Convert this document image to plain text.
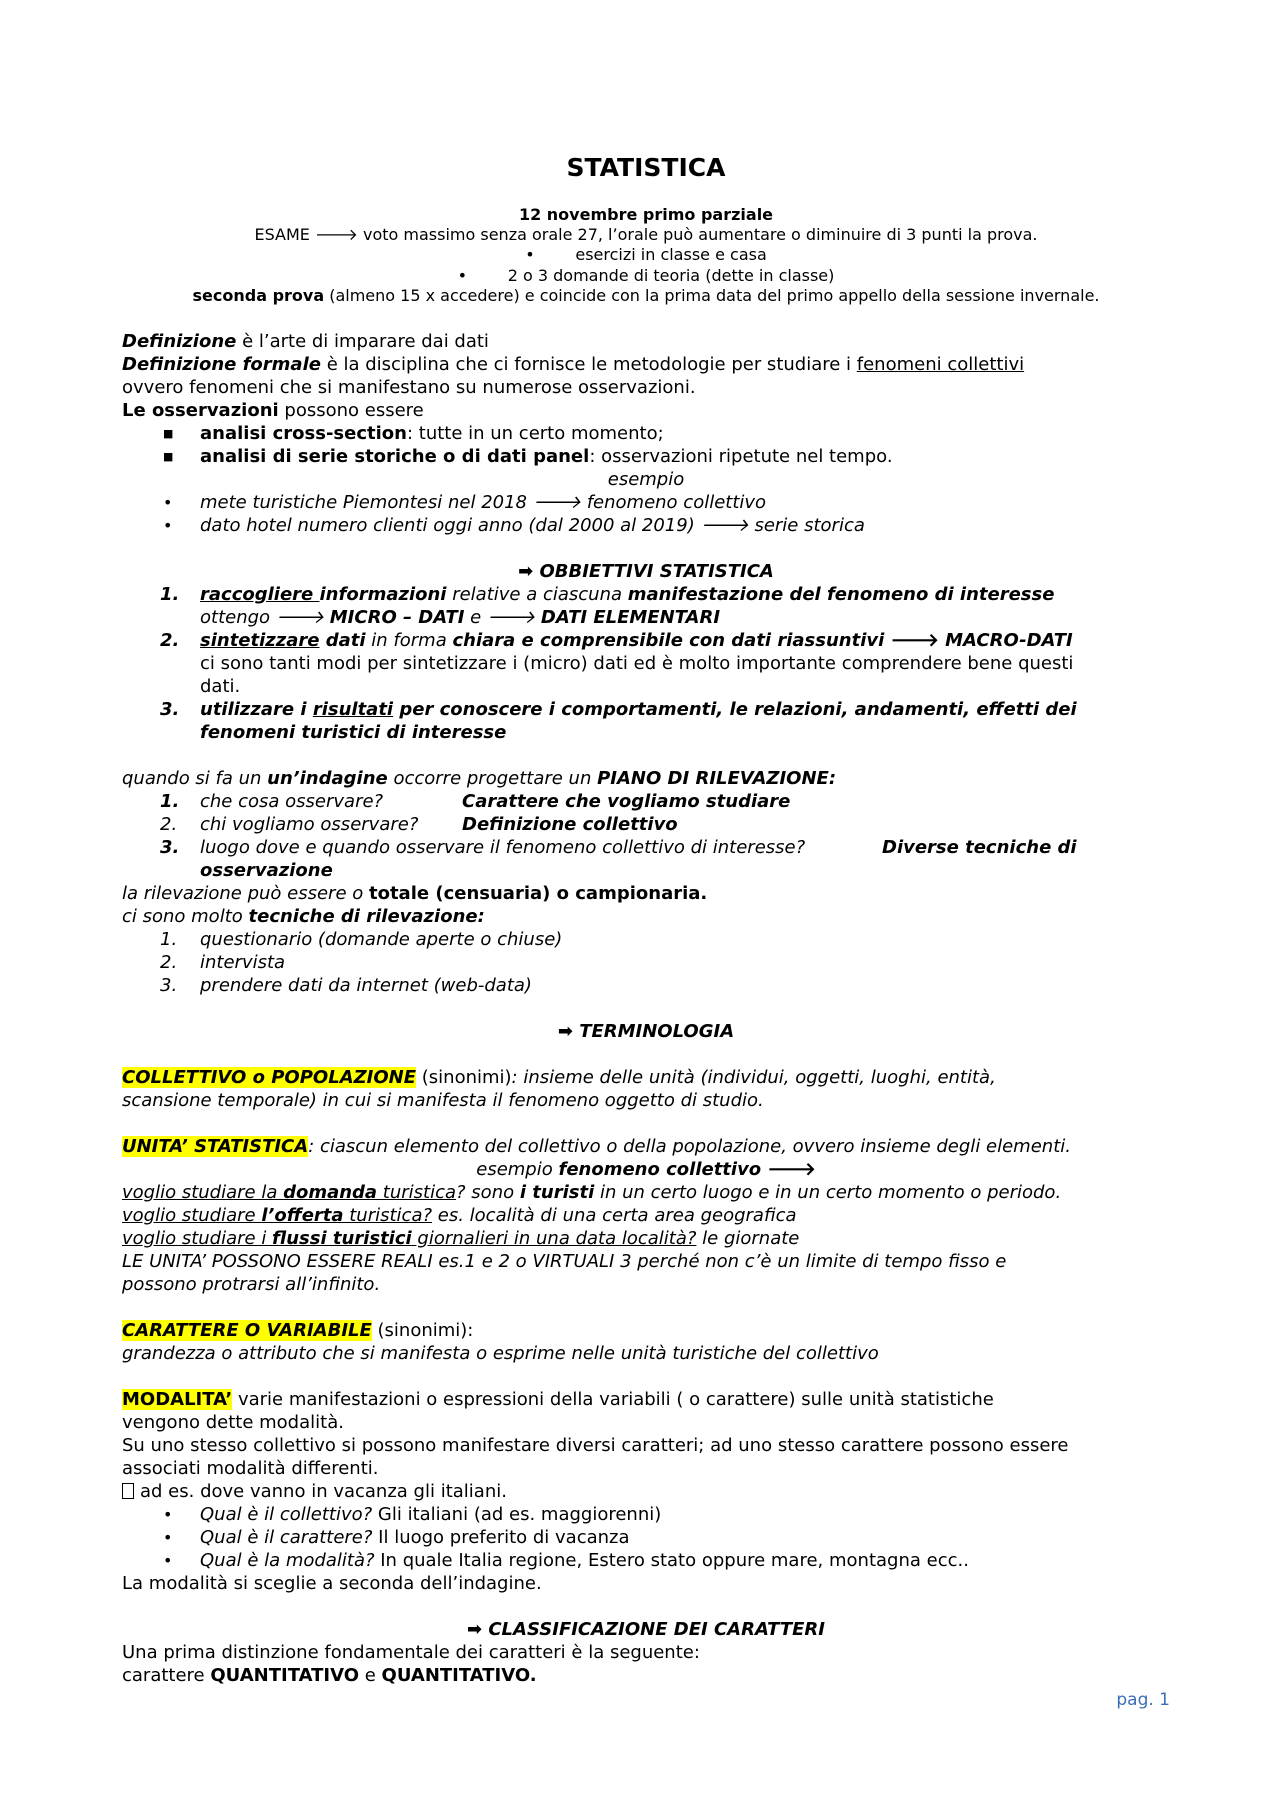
STATISTICA
12 novembre primo parziale
ESAME 🡒 voto massimo senza orale 27, l’orale può aumentare o diminuire di 3 punti la prova.
•        esercizi in classe e casa
•        2 o 3 domande di teoria (dette in classe)
seconda prova (almeno 15 x accedere) e coincide con la prima data del primo appello della sessione invernale.
Definizione è l’arte di imparare dai dati
Definizione formale è la disciplina che ci fornisce le metodologie per studiare i fenomeni collettivi
ovvero fenomeni che si manifestano su numerose osservazioni.
Le osservazioni possono essere
■ analisi cross-section: tutte in un certo momento;
■ analisi di serie storiche o di dati panel: osservazioni ripetute nel tempo.
esempio
• mete turistiche Piemontesi nel 2018 🡒 fenomeno collettivo
• dato hotel numero clienti oggi anno (dal 2000 al 2019) 🡒 serie storica
➡ OBBIETTIVI STATISTICA
1. raccogliere informazioni relative a ciascuna manifestazione del fenomeno di interesse
ottengo 🡒 MICRO – DATI e 🡒 DATI ELEMENTARI
2. sintetizzare dati in forma chiara e comprensibile con dati riassuntivi 🡒 MACRO-DATI
ci sono tanti modi per sintetizzare i (micro) dati ed è molto importante comprendere bene questi
dati.
3. utilizzare i risultati per conoscere i comportamenti, le relazioni, andamenti, effetti dei
fenomeni turistici di interesse
quando si fa un un’indagine occorre progettare un PIANO DI RILEVAZIONE:
1. che cosa osservare?	Carattere che vogliamo studiare
2. chi vogliamo osservare?	Definizione collettivo
3. luogo dove e quando osservare il fenomeno collettivo di interesse?	Diverse tecniche di
osservazione
la rilevazione può essere o totale (censuaria) o campionaria.
ci sono molto tecniche di rilevazione:
1. questionario (domande aperte o chiuse)
2. intervista
3. prendere dati da internet (web-data)
➡ TERMINOLOGIA
COLLETTIVO o POPOLAZIONE (sinonimi): insieme delle unità (individui, oggetti, luoghi, entità,
scansione temporale) in cui si manifesta il fenomeno oggetto di studio.
UNITA’ STATISTICA: ciascun elemento del collettivo o della popolazione, ovvero insieme degli elementi.
esempio fenomeno collettivo 🡒
voglio studiare la domanda turistica? sono i turisti in un certo luogo e in un certo momento o periodo.
voglio studiare l’offerta turistica? es. località di una certa area geografica
voglio studiare i flussi turistici giornalieri in una data località? le giornate
LE UNITA’ POSSONO ESSERE REALI es.1 e 2 o VIRTUALI 3 perché non c’è un limite di tempo fisso e
possono protrarsi all’infinito.
CARATTERE O VARIABILE (sinonimi):
grandezza o attributo che si manifesta o esprime nelle unità turistiche del collettivo
MODALITA’ varie manifestazioni o espressioni della variabili ( o carattere) sulle unità statistiche
vengono dette modalità.
Su uno stesso collettivo si possono manifestare diversi caratteri; ad uno stesso carattere possono essere
associati modalità differenti.
ad es. dove vanno in vacanza gli italiani.
• Qual è il collettivo? Gli italiani (ad es. maggiorenni)
• Qual è il carattere? Il luogo preferito di vacanza
• Qual è la modalità? In quale Italia regione, Estero stato oppure mare, montagna ecc..
La modalità si sceglie a seconda dell’indagine.
➡ CLASSIFICAZIONE DEI CARATTERI
Una prima distinzione fondamentale dei caratteri è la seguente:
carattere QUANTITATIVO e QUANTITATIVO.
pag. 1
